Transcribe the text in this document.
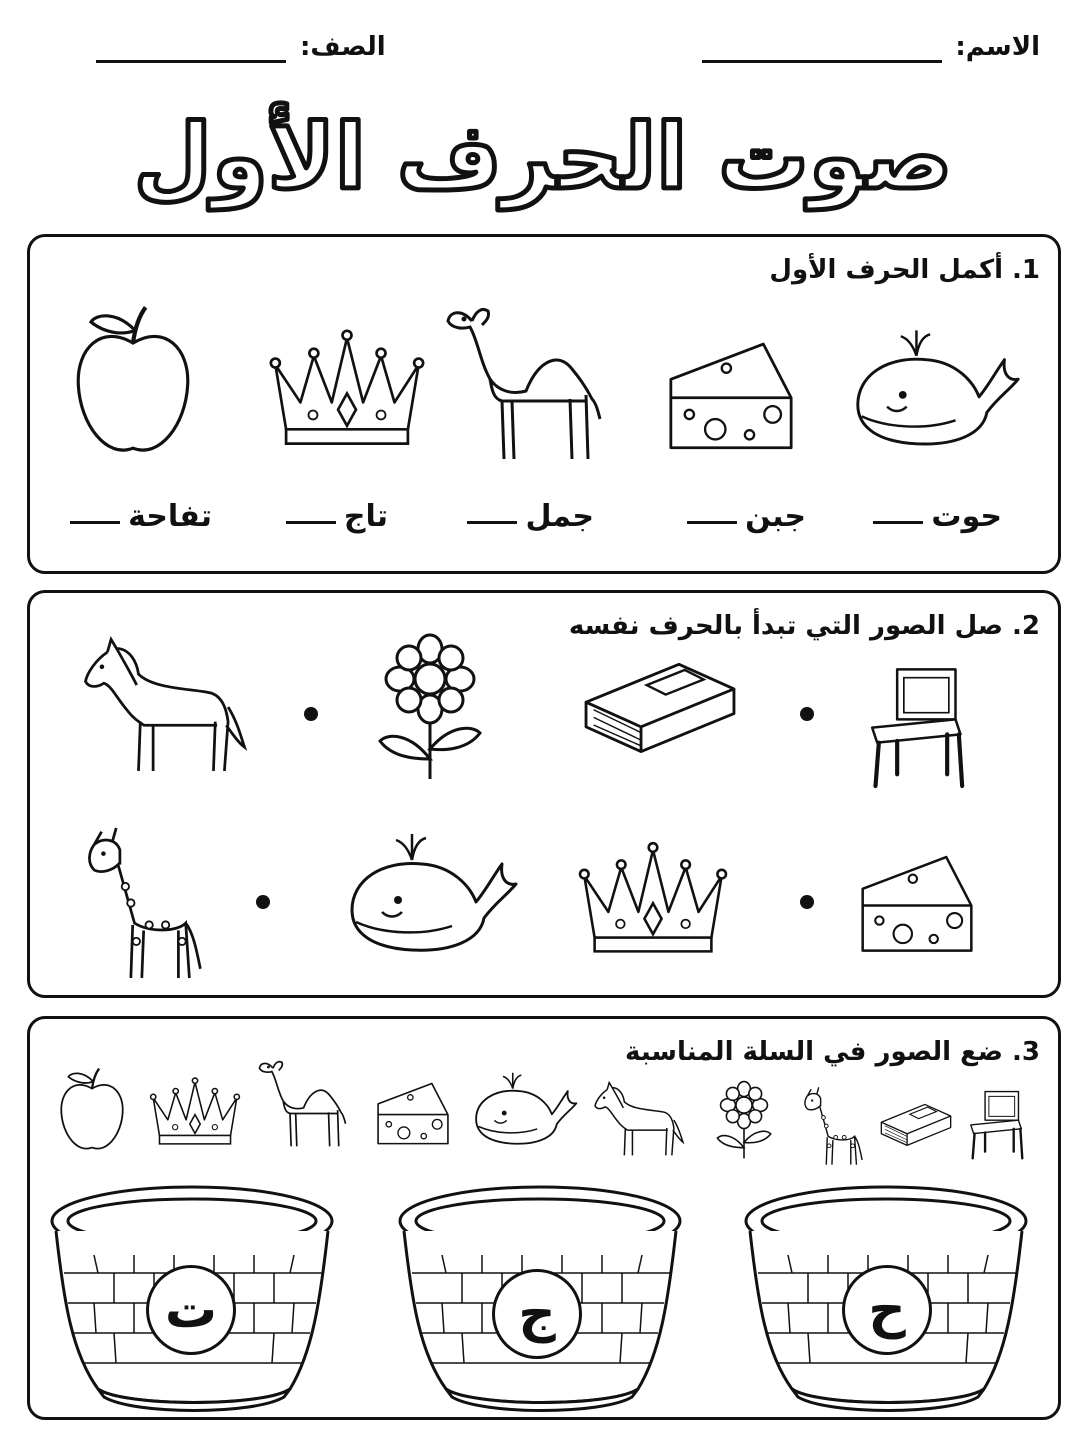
الاسم:
الصف:
صوت الحرف الأول
1. أكمل الحرف الأول
حوت
جبن
جمل
تاج
تفاحة
2. صل الصور التي تبدأ بالحرف نفسه
3. ضع الصور في السلة المناسبة
ت	ج	ح
